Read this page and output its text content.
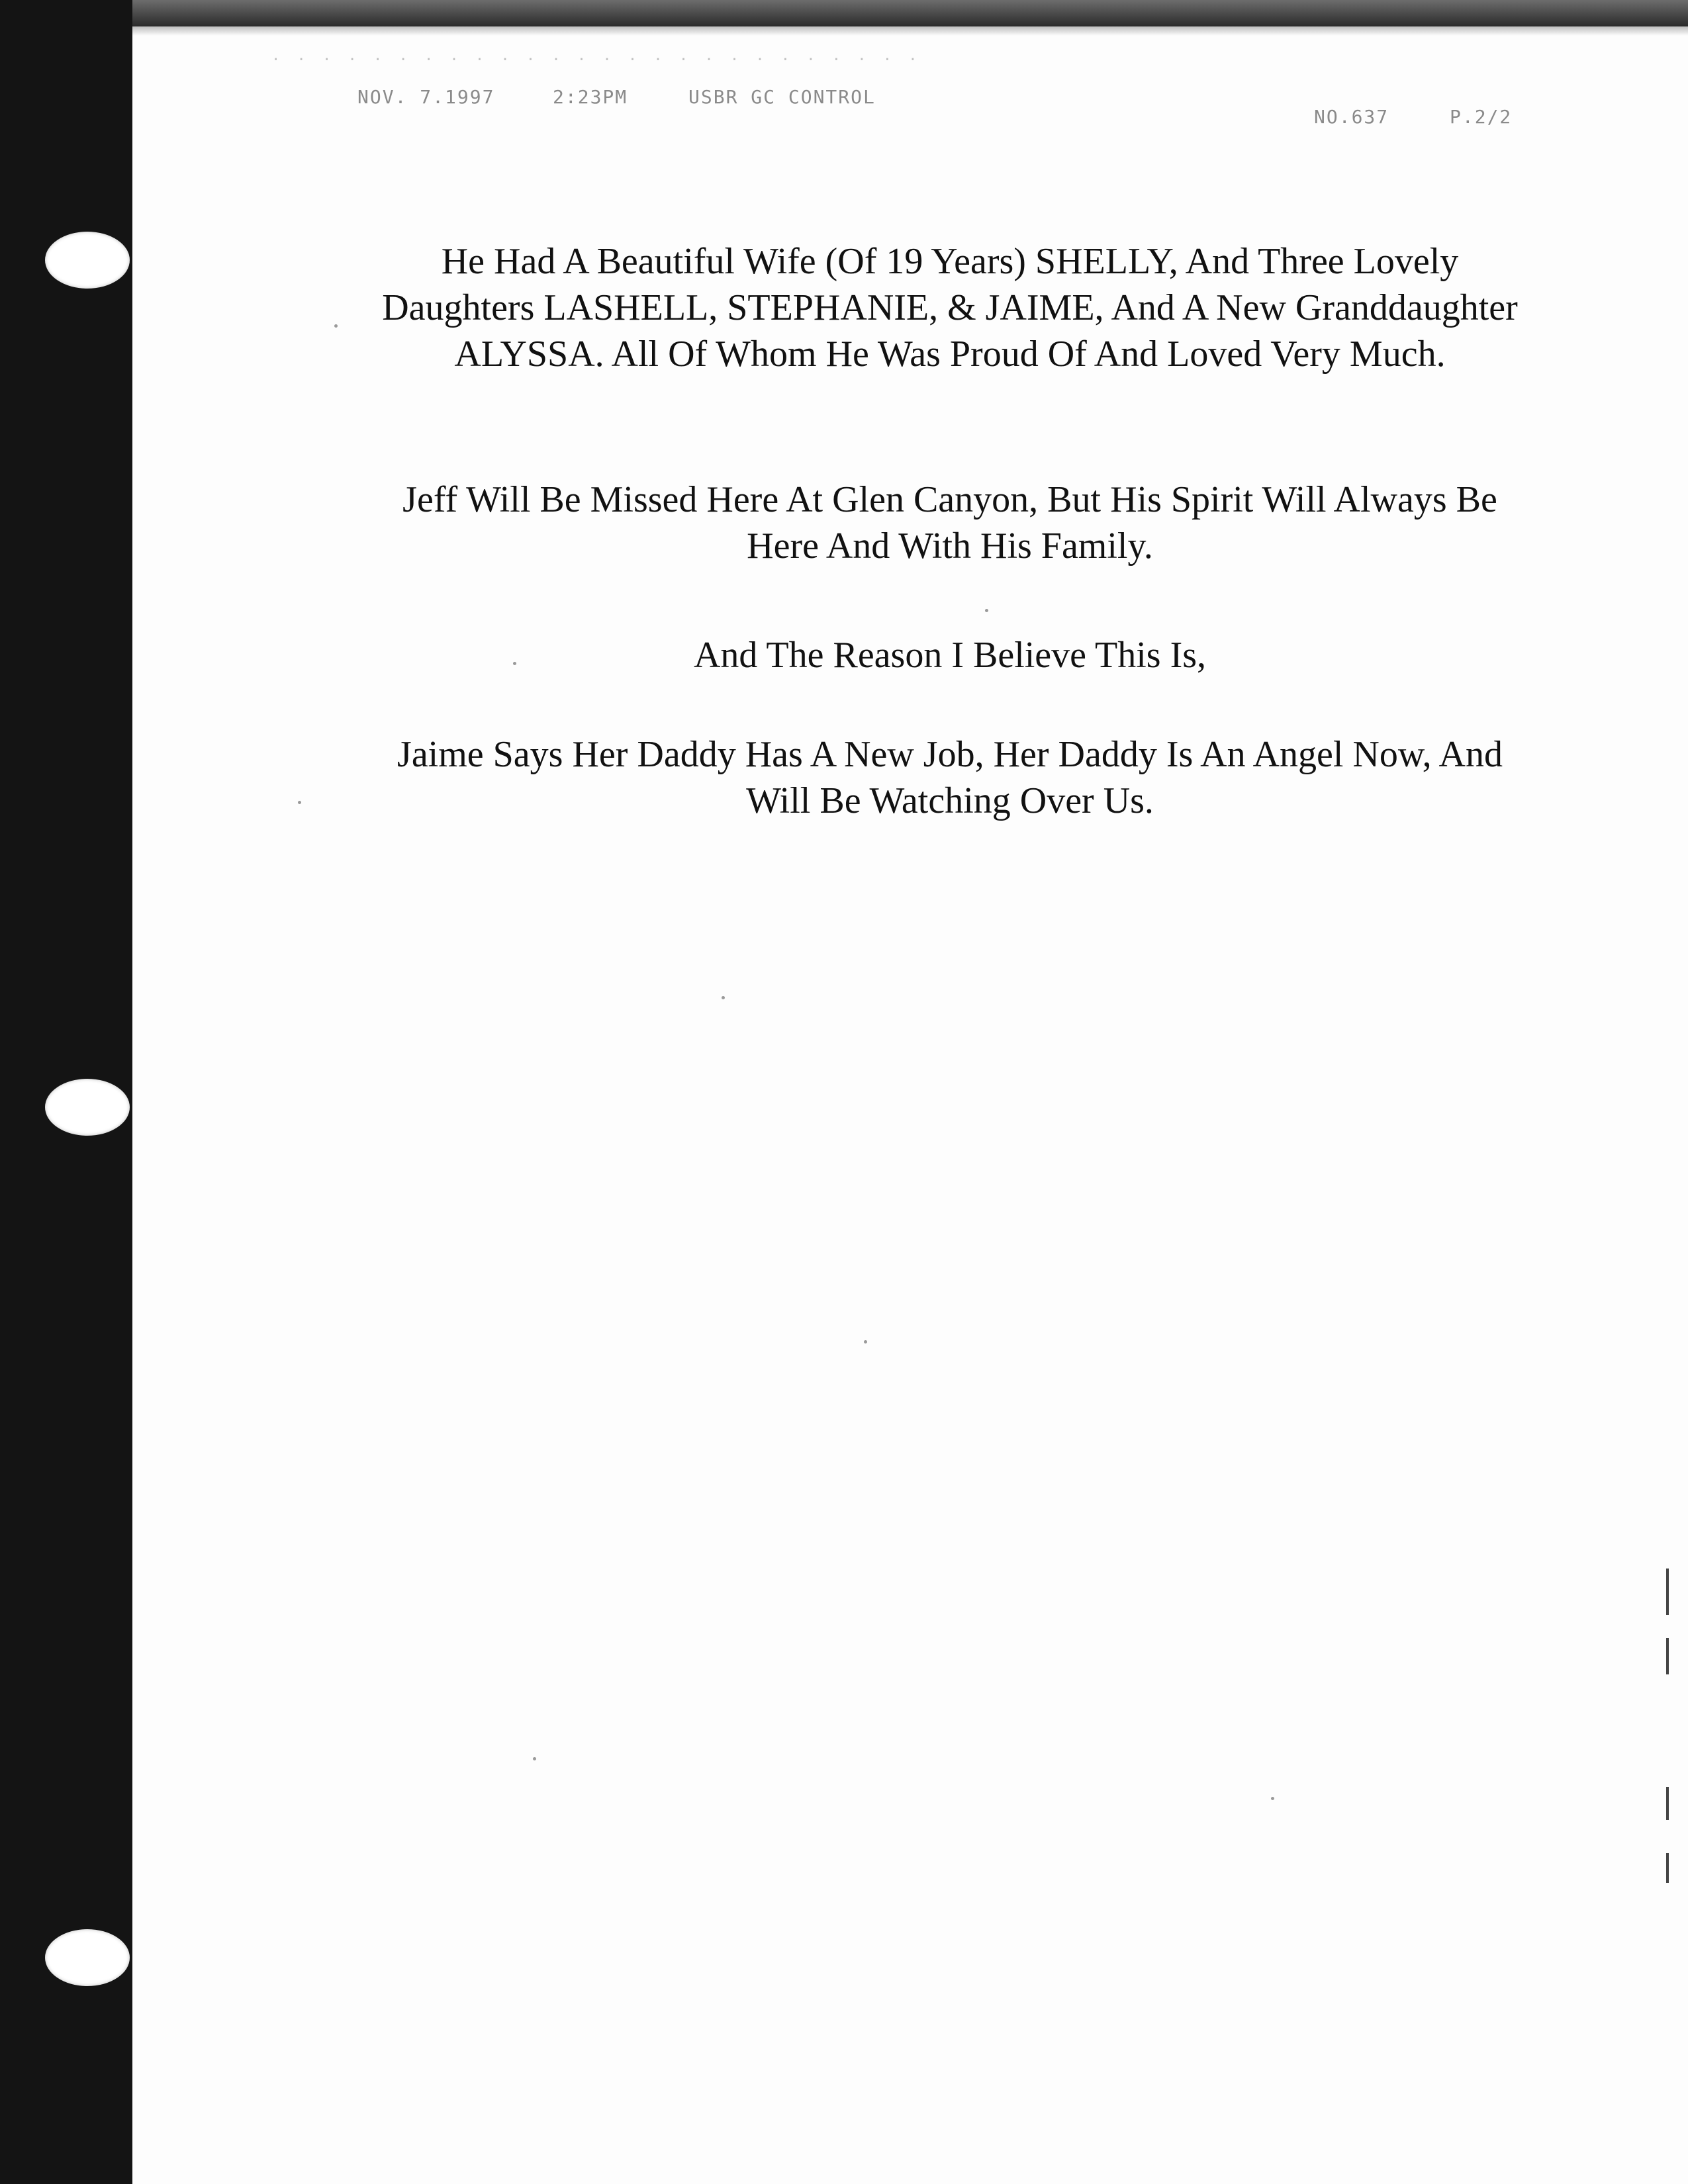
· · · · · · · · · · · · · · · · · · · · · · · · · ·
NOV. 7.1997	2:23PM	USBR GC CONTROL
NO.637	P.2/2
He Had A Beautiful Wife (Of 19 Years) SHELLY, And Three Lovely Daughters LASHELL, STEPHANIE, & JAIME, And A New Granddaughter ALYSSA. All Of Whom He Was Proud Of And Loved Very Much.
Jeff Will Be Missed Here At Glen Canyon, But His Spirit Will Always Be Here And With His Family.
And The Reason I Believe This Is,
Jaime Says Her Daddy Has A New Job, Her Daddy Is An Angel Now, And Will Be Watching Over Us.
